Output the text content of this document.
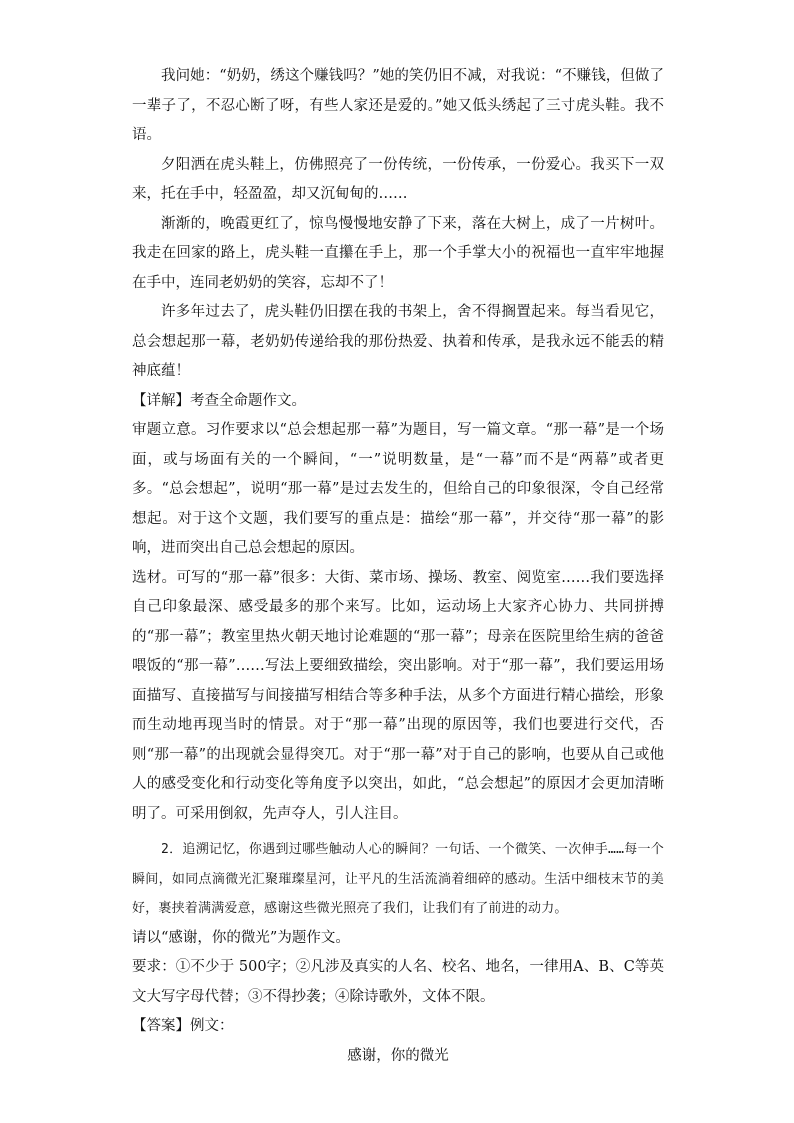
我问她：“奶奶，绣这个赚钱吗？”她的笑仍旧不减，对我说：“不赚钱，但做了一辈子了，不忍心断了呀，有些人家还是爱的。”她又低头绣起了三寸虎头鞋。我不语。

夕阳洒在虎头鞋上，仿佛照亮了一份传统，一份传承，一份爱心。我买下一双来，托在手中，轻盈盈，却又沉甸甸的……

渐渐的，晚霞更红了，惊鸟慢慢地安静了下来，落在大树上，成了一片树叶。我走在回家的路上，虎头鞋一直攥在手上，那一个手掌大小的祝福也一直牢牢地握在手中，连同老奶奶的笑容，忘却不了！

许多年过去了，虎头鞋仍旧摆在我的书架上，舍不得搁置起来。每当看见它，总会想起那一幕，老奶奶传递给我的那份热爱、执着和传承，是我永远不能丢的精神底蕴！

【详解】考查全命题作文。

审题立意。习作要求以“总会想起那一幕”为题目，写一篇文章。“那一幕”是一个场面，或与场面有关的一个瞬间，“一”说明数量，是“一幕”而不是“两幕”或者更多。“总会想起”，说明“那一幕”是过去发生的，但给自己的印象很深，令自己经常想起。对于这个文题，我们要写的重点是：描绘“那一幕”，并交待“那一幕”的影响，进而突出自己总会想起的原因。

选材。可写的“那一幕”很多：大街、菜市场、操场、教室、阅览室……我们要选择自己印象最深、感受最多的那个来写。比如，运动场上大家齐心协力、共同拼搏的“那一幕”；教室里热火朝天地讨论难题的“那一幕”；母亲在医院里给生病的爸爸喂饭的“那一幕”……写法上要细致描绘，突出影响。对于“那一幕”，我们要运用场面描写、直接描写与间接描写相结合等多种手法，从多个方面进行精心描绘，形象而生动地再现当时的情景。对于“那一幕”出现的原因等，我们也要进行交代，否则“那一幕”的出现就会显得突兀。对于“那一幕”对于自己的影响，也要从自己或他人的感受变化和行动变化等角度予以突出，如此，“总会想起”的原因才会更加清晰明了。可采用倒叙，先声夺人，引人注目。

2．追溯记忆，你遇到过哪些触动人心的瞬间？一句话、一个微笑、一次伸手……每一个瞬间，如同点滴微光汇聚璀璨星河，让平凡的生活流淌着细碎的感动。生活中细枝末节的美好，裹挟着满满爱意，感谢这些微光照亮了我们，让我们有了前进的动力。

请以“感谢，你的微光”为题作文。

要求：①不少于 500字；②凡涉及真实的人名、校名、地名，一律用A、B、C等英文大写字母代替；③不得抄袭；④除诗歌外，文体不限。

【答案】例文：

感谢，你的微光
